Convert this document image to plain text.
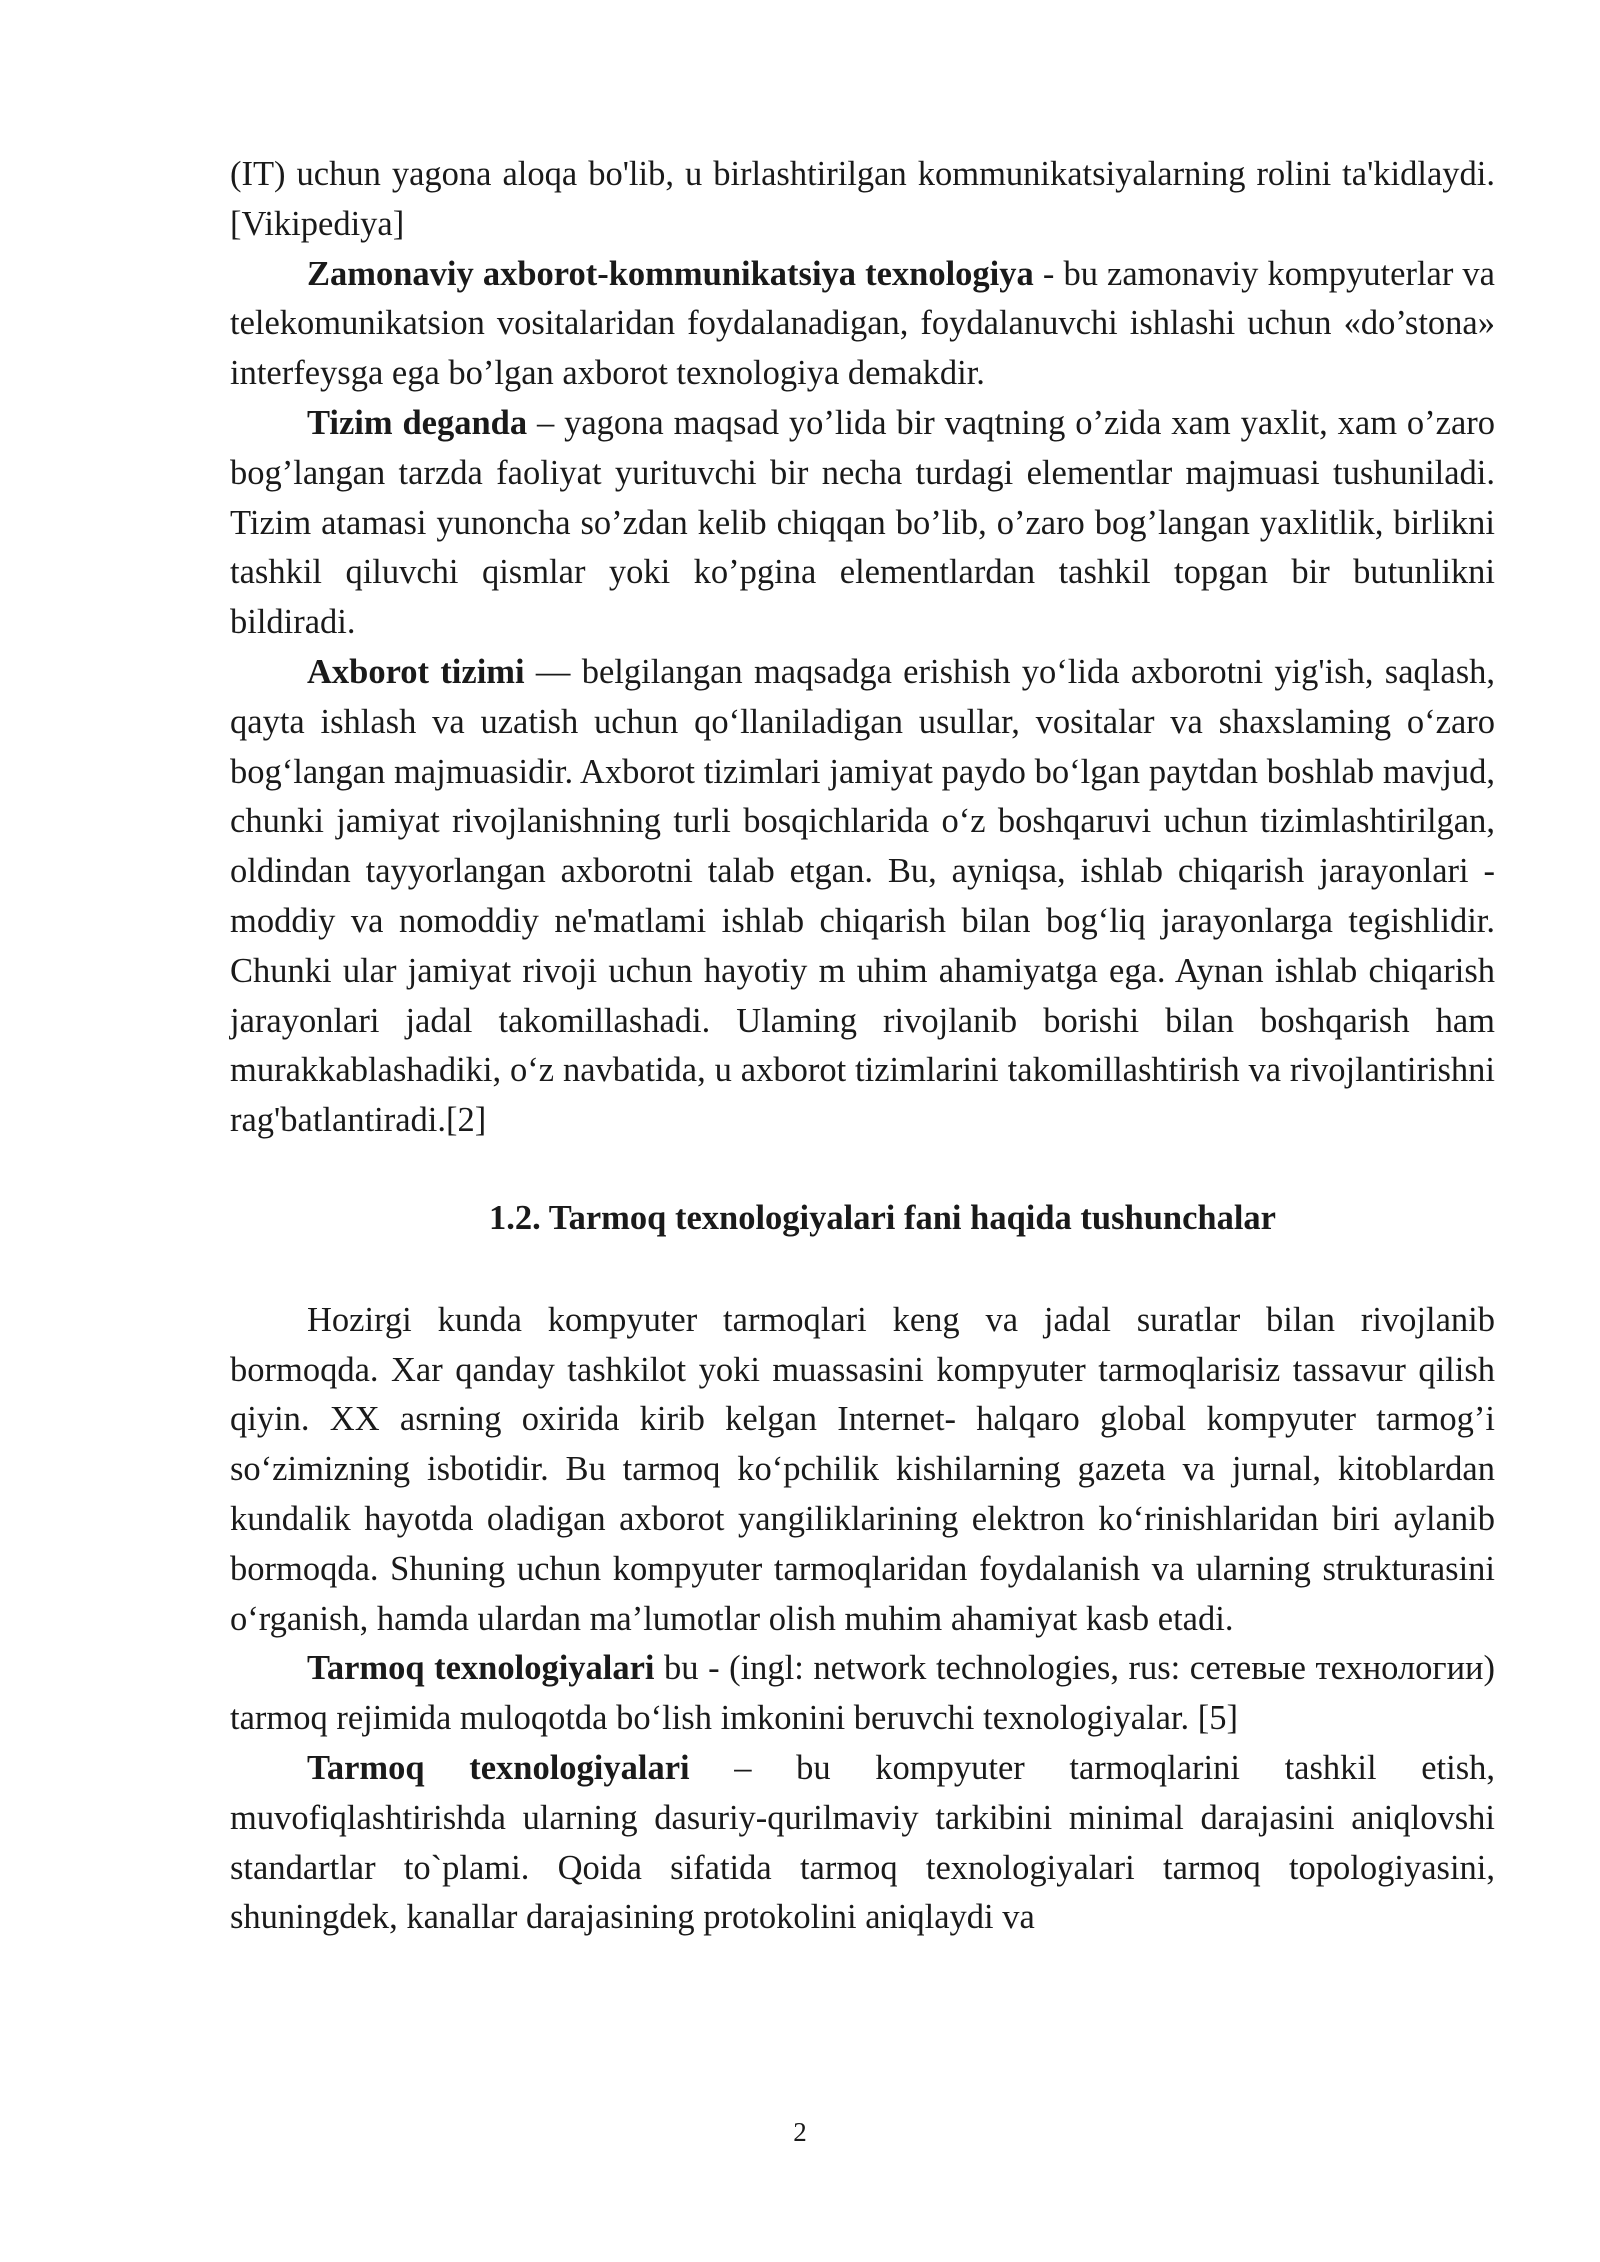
(IT) uchun yagona aloqa bo'lib, u birlashtirilgan kommunikatsiyalarning rolini ta'kidlaydi. [Vikipediya]

Zamonaviy axborot-kommunikatsiya texnologiya - bu zamonaviy kompyuterlar va telekomunikatsion vositalaridan foydalanadigan, foydalanuvchi ishlashi uchun «do’stona» interfeysga ega bo’lgan axborot texnologiya demakdir.

Tizim deganda – yagona maqsad yo’lida bir vaqtning o’zida xam yaxlit, xam o’zaro bog’langan tarzda faoliyat yurituvchi bir necha turdagi elementlar majmuasi tushuniladi. Tizim atamasi yunoncha so’zdan kelib chiqqan bo’lib, o’zaro bog’langan yaxlitlik, birlikni tashkil qiluvchi qismlar yoki ko’pgina elementlardan tashkil topgan bir butunlikni bildiradi.

Axborot tizimi — belgilangan maqsadga erishish yo‘lida axborotni yig'ish, saqlash, qayta ishlash va uzatish uchun qo‘llaniladigan usullar, vositalar va shaxslaming o‘zaro bog‘langan majmuasidir. Axborot tizimlari jamiyat paydo bo‘lgan paytdan boshlab mavjud, chunki jamiyat rivojlanishning turli bosqichlarida o‘z boshqaruvi uchun tizimlashtirilgan, oldindan tayyorlangan axborotni talab etgan. Bu, ayniqsa, ishlab chiqarish jarayonlari - moddiy va nomoddiy ne'matlami ishlab chiqarish bilan bog‘liq jarayonlarga tegishlidir. Chunki ular jamiyat rivoji uchun hayotiy m uhim ahamiyatga ega. Aynan ishlab chiqarish jarayonlari jadal takomillashadi. Ulaming rivojlanib borishi bilan boshqarish ham murakkablashadiki, o‘z navbatida, u axborot tizimlarini takomillashtirish va rivojlantirishni rag'batlantiradi.[2]

1.2. Tarmoq texnologiyalari fani haqida tushunchalar

Hozirgi kunda kompyuter tarmoqlari keng va jadal suratlar bilan rivojlanib bormoqda. Xar qanday tashkilot yoki muassasini kompyuter tarmoqlarisiz tassavur qilish qiyin. XX asrning oxirida kirib kelgan Internet- halqaro global kompyuter tarmog’i so‘zimizning isbotidir. Bu tarmoq ko‘pchilik kishilarning gazeta va jurnal, kitoblardan kundalik hayotda oladigan axborot yangiliklarining elektron ko‘rinishlaridan biri aylanib bormoqda. Shuning uchun kompyuter tarmoqlaridan foydalanish va ularning strukturasini o‘rganish, hamda ulardan ma’lumotlar olish muhim ahamiyat kasb etadi.

Tarmoq texnologiyalari bu - (ingl: network technologies, rus: сетевые технологии) tarmoq rejimida muloqotda bo‘lish imkonini beruvchi texnologiyalar. [5]

Tarmoq texnologiyalari – bu kompyuter tarmoqlarini tashkil etish, muvofiqlashtirishda ularning dasuriy-qurilmaviy tarkibini minimal darajasini aniqlovshi standartlar to`plami. Qoida sifatida tarmoq texnologiyalari tarmoq topologiyasini, shuningdek, kanallar darajasining protokolini aniqlaydi va

2
